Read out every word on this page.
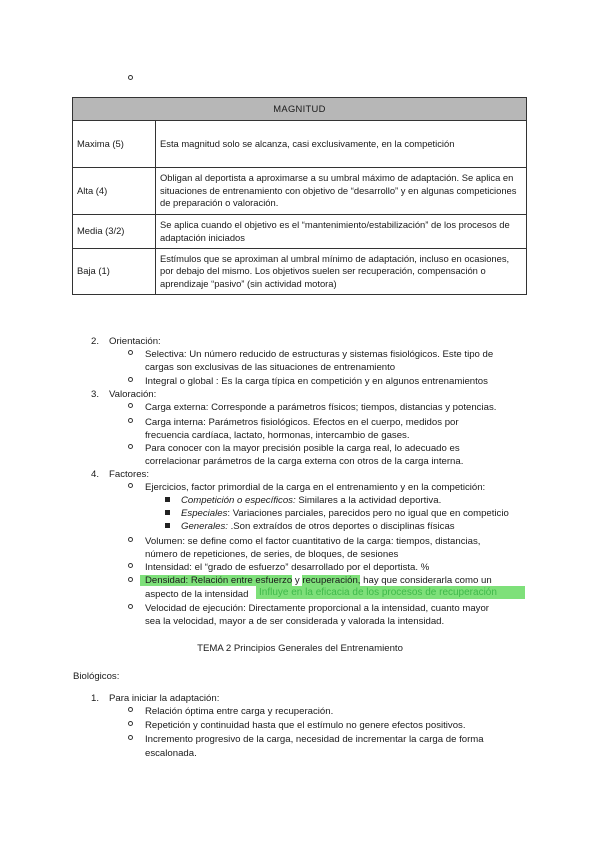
MAGNITUD	
Maxima (5)	Esta magnitud solo se alcanza, casi exclusivamente, en la competición
Alta (4)	Obligan al deportista a aproximarse a su umbral máximo de adaptación. Se aplica en situaciones de entrenamiento con objetivo de “desarrollo” y en algunas competiciones de preparación o valoración.
Media (3/2)	Se aplica cuando el objetivo es el “mantenimiento/estabilización” de los procesos de adaptación iniciados
Baja (1)	Estímulos que se aproximan al umbral mínimo de adaptación, incluso en ocasiones, por debajo del mismo. Los objetivos suelen ser recuperación, compensación o aprendizaje “pasivo” (sin actividad motora)
2. Orientación:
Selectiva: Un número reducido de estructuras y sistemas fisiológicos. Este tipo de
cargas son exclusivas de las situaciones de entrenamiento
Integral o global : Es la carga típica en competición y en algunos entrenamientos
3. Valoración:
Carga externa: Corresponde a parámetros físicos; tiempos, distancias y potencias.
Carga interna: Parámetros fisiológicos. Efectos en el cuerpo, medidos por
frecuencia cardíaca, lactato, hormonas, intercambio de gases.
Para conocer con la mayor precisión posible la carga real, lo adecuado es
correlacionar parámetros de la carga externa con otros de la carga interna.
4. Factores:
Ejercicios, factor primordial de la carga en el entrenamiento y en la competición:
Competición o específicos: Similares a la actividad deportiva.
Especiales: Variaciones parciales, parecidos pero no igual que en competicio
Generales: .Son extraídos de otros deportes o disciplinas físicas
Volumen: se define como el factor cuantitativo de la carga: tiempos, distancias,
número de repeticiones, de series, de bloques, de sesiones
Intensidad: el “grado de esfuerzo” desarrollado por el deportista. %
Densidad: Relación entre esfuerzo y recuperación, hay que considerarla como un
aspecto de la intensidad	Influye en la eficacia de los procesos de recuperación
Velocidad de ejecución: Directamente proporcional a la intensidad, cuanto mayor
sea la velocidad, mayor a de ser considerada y valorada la intensidad.
TEMA 2 Principios Generales del Entrenamiento
Biológicos:
1. Para iniciar la adaptación:
Relación óptima entre carga y recuperación.
Repetición y continuidad hasta que el estímulo no genere efectos positivos.
Incremento progresivo de la carga, necesidad de incrementar la carga de forma
escalonada.
